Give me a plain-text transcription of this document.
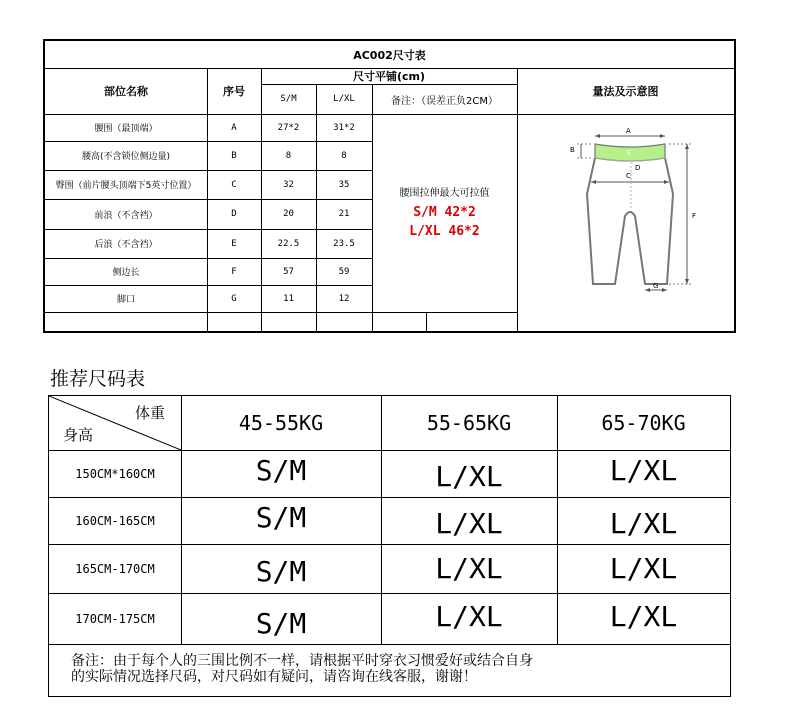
AC002尺寸表
部位名称	序号
尺寸平铺(cm)
S/M	L/XL	备注：（误差正负2CM）
量法及示意图
腰围（最顶端）	A	27*2	31*2
腰高(不含锁位侧边量)	B	8	8
臀围（前片腰头顶端下5英寸位置）	C	32	35
前浪（不含裆）	D	20	21
后浪（不含裆）	E	22.5	23.5
侧边长	F	57	59
脚口	G	11	12
腰围拉伸最大可拉值
S/M 42*2
L/XL 46*2
A
B
C
D
E
F
G
推荐尺码表
体重
身高	45-55KG	55-65KG	65-70KG
150CM*160CM	S/M	L/XL	L/XL
160CM-165CM	S/M	L/XL	L/XL
165CM-170CM	S/M	L/XL	L/XL
170CM-175CM	S/M	L/XL	L/XL
备注：由于每个人的三围比例不一样，请根据平时穿衣习惯爱好或结合自身
的实际情况选择尺码，对尺码如有疑问，请咨询在线客服，谢谢！
